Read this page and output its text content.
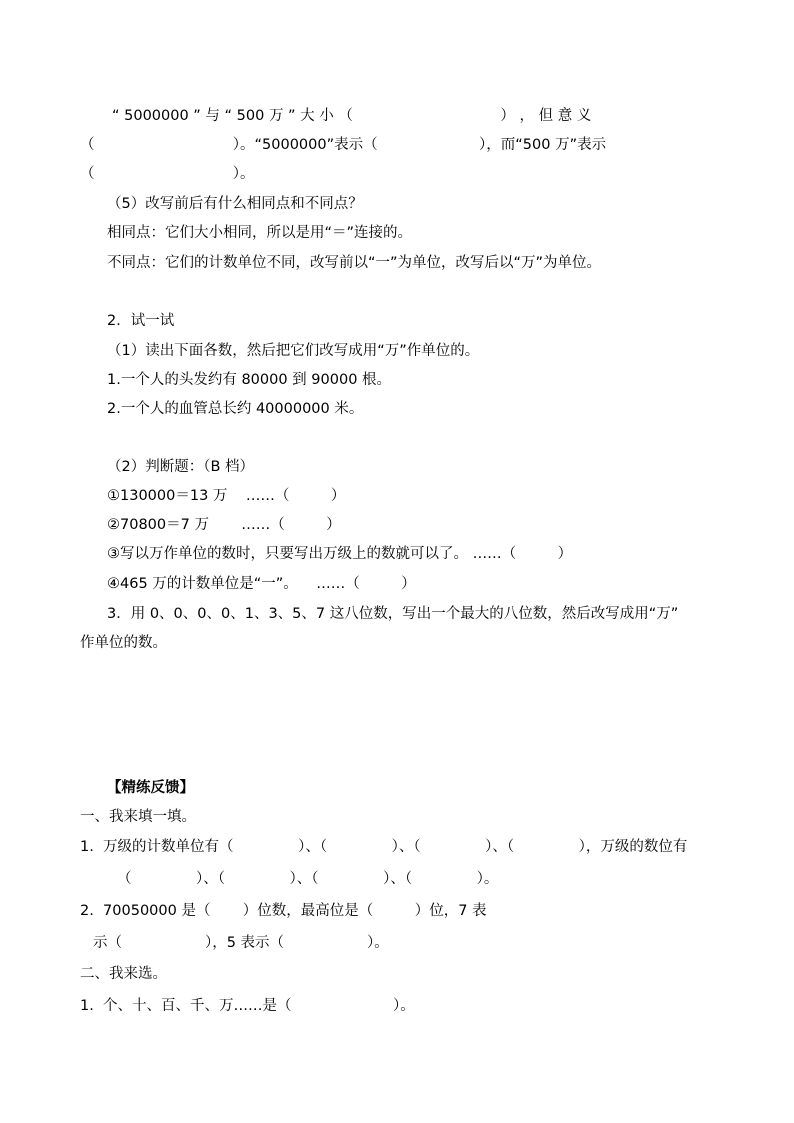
“ 5000000 ” 与 “ 500 万 ” 大 小 （                                ） ， 但 意 义

（                              ）。“5000000”表示（                      ），而“500 万”表示

（                              ）。

（5）改写前后有什么相同点和不同点？

相同点：它们大小相同，所以是用“＝”连接的。

不同点：它们的计数单位不同，改写前以“一”为单位，改写后以“万”为单位。

2．试一试

（1）读出下面各数，然后把它们改写成用“万”作单位的。

1.一个人的头发约有 80000 到 90000 根。

2.一个人的血管总长约 40000000 米。

（2）判断题：（B 档）

①130000＝13 万    ……（         ）

②70800＝7 万       ……（         ）

③写以万作单位的数时，只要写出万级上的数就可以了。 ……（         ）

④465 万的计数单位是“一”。    ……（         ）

3．用 0、0、0、0、1、3、5、7 这八位数，写出一个最大的八位数，然后改写成用“万”

作单位的数。

【精练反馈】

一、我来填一填。

1.  万级的计数单位有（              ）、（              ）、（              ）、（              ），万级的数位有

（              ）、（              ）、（              ）、（              ）。

2.  70050000 是（       ）位数，最高位是（         ）位，7 表

示（                  ），5 表示（                  ）。

二、我来选。

1.  个、十、百、千、万……是（                      ）。
